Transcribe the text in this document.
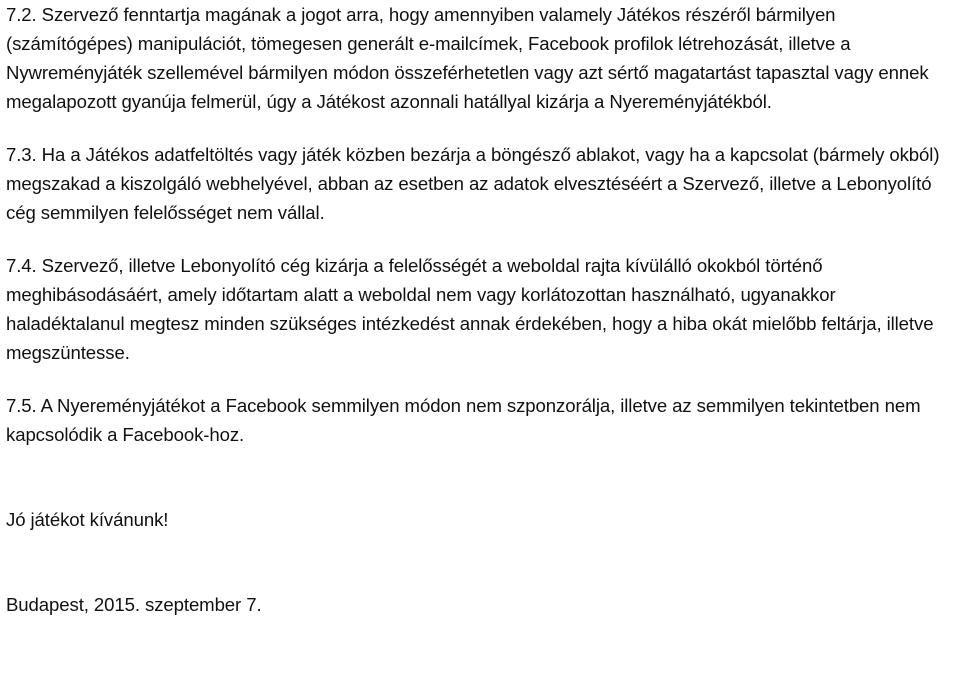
7.2. Szervező fenntartja magának a jogot arra, hogy amennyiben valamely Játékos részéről bármilyen (számítógépes) manipulációt, tömegesen generált e-mailcímek, Facebook profilok létrehozását, illetve a Nywreményjáték szellemével bármilyen módon összeférhetetlen vagy azt sértő magatartást tapasztal vagy ennek megalapozott gyanúja felmerül, úgy a Játékost azonnali hatállyal kizárja a Nyereményjátékból.

7.3. Ha a Játékos adatfeltöltés vagy játék közben bezárja a böngésző ablakot, vagy ha a kapcsolat (bármely okból) megszakad a kiszolgáló webhelyével, abban az esetben az adatok elvesztéséért a Szervező, illetve a Lebonyolító cég semmilyen felelősséget nem vállal.

7.4. Szervező, illetve Lebonyolító cég kizárja a felelősségét a weboldal rajta kívülálló okokból történő meghibásodásáért, amely időtartam alatt a weboldal nem vagy korlátozottan használható, ugyanakkor haladéktalanul megtesz minden szükséges intézkedést annak érdekében, hogy a hiba okát mielőbb feltárja, illetve megszüntesse.

7.5. A Nyereményjátékot a Facebook semmilyen módon nem szponzorálja, illetve az semmilyen tekintetben nem kapcsolódik a Facebook-hoz.

Jó játékot kívánunk!

Budapest, 2015. szeptember 7.
